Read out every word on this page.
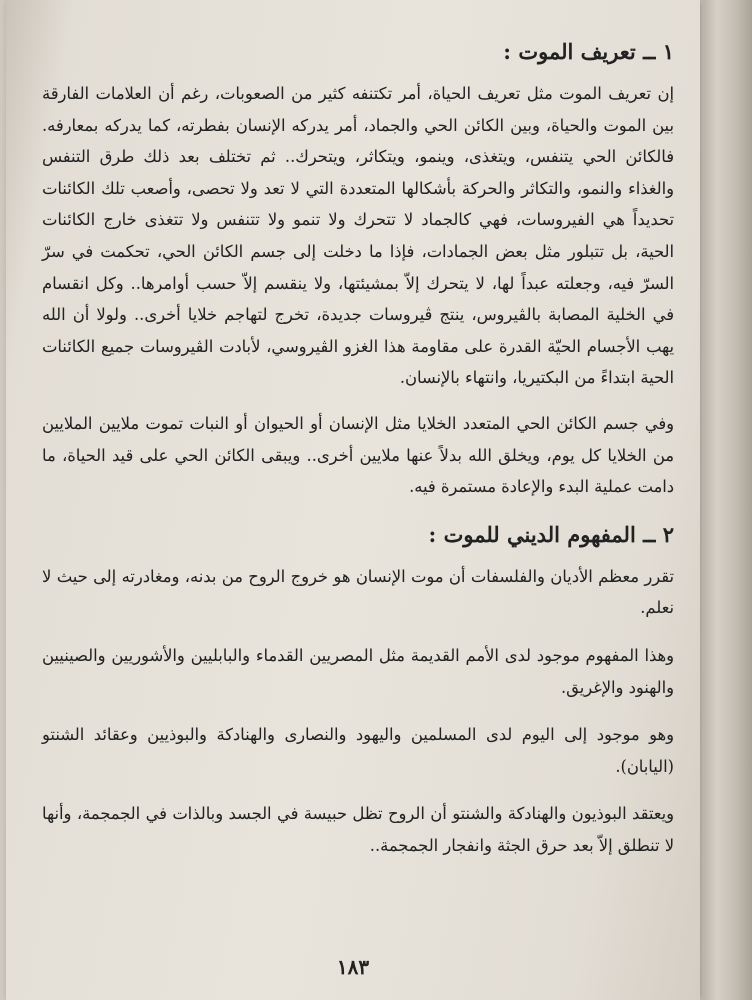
١ ــ تعريف الموت :

إن تعريف الموت مثل تعريف الحياة، أمر تكتنفه كثير من الصعوبات، رغم أن العلامات الفارقة بين الموت والحياة، وبين الكائن الحي والجماد، أمر يدركه الإنسان بفطرته، كما يدركه بمعارفه. فالكائن الحي يتنفس، ويتغذى، وينمو، ويتكاثر، ويتحرك.. ثم تختلف بعد ذلك طرق التنفس والغذاء والنمو، والتكاثر والحركة بأشكالها المتعددة التي لا تعد ولا تحصى، وأصعب تلك الكائنات تحديداً هي الفيروسات، فهي كالجماد لا تتحرك ولا تنمو ولا تتنفس ولا تتغذى خارج الكائنات الحية، بل تتبلور مثل بعض الجمادات، فإذا ما دخلت إلى جسم الكائن الحي، تحكمت في سرّ السرّ فيه، وجعلته عبداً لها، لا يتحرك إلاّ بمشيئتها، ولا ينقسم إلاّ حسب أوامرها.. وكل انقسام في الخلية المصابة بالڤيروس، ينتج ڤيروسات جديدة، تخرج لتهاجم خلايا أخرى.. ولولا أن الله يهب الأجسام الحيّة القدرة على مقاومة هذا الغزو الڤيروسي، لأبادت الڤيروسات جميع الكائنات الحية ابتداءً من البكتيريا، وانتهاء بالإنسان.

وفي جسم الكائن الحي المتعدد الخلايا مثل الإنسان أو الحيوان أو النبات تموت ملايين الملايين من الخلايا كل يوم، ويخلق الله بدلاً عنها ملايين أخرى.. ويبقى الكائن الحي على قيد الحياة، ما دامت عملية البدء والإعادة مستمرة فيه.

٢ ــ المفهوم الديني للموت :

تقرر معظم الأديان والفلسفات أن موت الإنسان هو خروج الروح من بدنه، ومغادرته إلى حيث لا نعلم.

وهذا المفهوم موجود لدى الأمم القديمة مثل المصريين القدماء والبابليين والأشوريين والصينيين والهنود والإغريق.

وهو موجود إلى اليوم لدى المسلمين واليهود والنصارى والهنادكة والبوذيين وعقائد الشنتو (اليابان).

ويعتقد البوذيون والهنادكة والشنتو أن الروح تظل حبيسة في الجسد وبالذات في الجمجمة، وأنها لا تنطلق إلاّ بعد حرق الجثة وانفجار الجمجمة..

١٨٣
